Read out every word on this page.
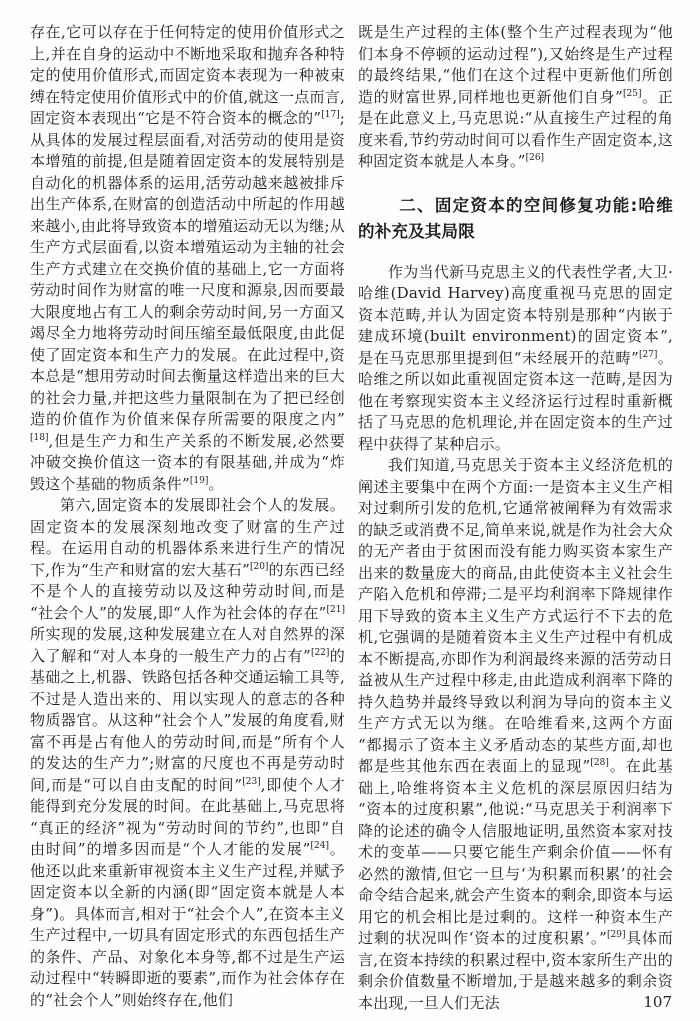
存在,它可以存在于任何特定的使用价值形式之上,并在自身的运动中不断地采取和抛弃各种特定的使用价值形式,而固定资本表现为一种被束缚在特定使用价值形式中的价值,就这一点而言,固定资本表现出“它是不符合资本的概念的”[17];从具体的发展过程层面看,对活劳动的使用是资本增殖的前提,但是随着固定资本的发展特别是自动化的机器体系的运用,活劳动越来越被排斥出生产体系,在财富的创造活动中所起的作用越来越小,由此将导致资本的增殖运动无以为继;从生产方式层面看,以资本增殖运动为主轴的社会生产方式建立在交换价值的基础上,它一方面将劳动时间作为财富的唯一尺度和源泉,因而要最大限度地占有工人的剩余劳动时间,另一方面又竭尽全力地将劳动时间压缩至最低限度,由此促使了固定资本和生产力的发展。在此过程中,资本总是“想用劳动时间去衡量这样造出来的巨大的社会力量,并把这些力量限制在为了把已经创造的价值作为价值来保存所需要的限度之内”[18],但是生产力和生产关系的不断发展,必然要冲破交换价值这一资本的有限基础,并成为“炸毁这个基础的物质条件”[19]。

第六,固定资本的发展即社会个人的发展。固定资本的发展深刻地改变了财富的生产过程。在运用自动的机器体系来进行生产的情况下,作为“生产和财富的宏大基石”[20]的东西已经不是个人的直接劳动以及这种劳动时间,而是“社会个人”的发展,即“人作为社会体的存在”[21]所实现的发展,这种发展建立在人对自然界的深入了解和“对人本身的一般生产力的占有”[22]的基础之上,机器、铁路包括各种交通运输工具等,不过是人造出来的、用以实现人的意志的各种物质器官。从这种“社会个人”发展的角度看,财富不再是占有他人的劳动时间,而是“所有个人的发达的生产力”;财富的尺度也不再是劳动时间,而是“可以自由支配的时间”[23],即使个人才能得到充分发展的时间。在此基础上,马克思将“真正的经济”视为“劳动时间的节约”,也即“自由时间”的增多因而是“个人才能的发展”[24]。他还以此来重新审视资本主义生产过程,并赋予固定资本以全新的内涵(即“固定资本就是人本身”)。具体而言,相对于“社会个人”,在资本主义生产过程中,一切具有固定形式的东西包括生产的条件、产品、对象化本身等,都不过是生产运动过程中“转瞬即逝的要素”,而作为社会体存在的“社会个人”则始终存在,他们

既是生产过程的主体(整个生产过程表现为“他们本身不停顿的运动过程”),又始终是生产过程的最终结果,“他们在这个过程中更新他们所创造的财富世界,同样地也更新他们自身”[25]。正是在此意义上,马克思说:“从直接生产过程的角度来看,节约劳动时间可以看作生产固定资本,这种固定资本就是人本身。”[26]

二、固定资本的空间修复功能:哈维的补充及其局限

作为当代新马克思主义的代表性学者,大卫·哈维(David Harvey)高度重视马克思的固定资本范畴,并认为固定资本特别是那种“内嵌于建成环境(built environment)的固定资本”,是在马克思那里提到但“未经展开的范畴”[27]。哈维之所以如此重视固定资本这一范畴,是因为他在考察现实资本主义经济运行过程时重新概括了马克思的危机理论,并在固定资本的生产过程中获得了某种启示。

我们知道,马克思关于资本主义经济危机的阐述主要集中在两个方面:一是资本主义生产相对过剩所引发的危机,它通常被阐释为有效需求的缺乏或消费不足,简单来说,就是作为社会大众的无产者由于贫困而没有能力购买资本家生产出来的数量庞大的商品,由此使资本主义社会生产陷入危机和停滞;二是平均利润率下降规律作用下导致的资本主义生产方式运行不下去的危机,它强调的是随着资本主义生产过程中有机成本不断提高,亦即作为利润最终来源的活劳动日益被从生产过程中移走,由此造成利润率下降的持久趋势并最终导致以利润为导向的资本主义生产方式无以为继。在哈维看来,这两个方面“都揭示了资本主义矛盾动态的某些方面,却也都是些其他东西在表面上的显现”[28]。在此基础上,哈维将资本主义危机的深层原因归结为“资本的过度积累”,他说:“马克思关于利润率下降的论述的确令人信服地证明,虽然资本家对技术的变革——只要它能生产剩余价值——怀有必然的激情,但它一旦与‘为积累而积累’的社会命令结合起来,就会产生资本的剩余,即资本与运用它的机会相比是过剩的。这样一种资本生产过剩的状况叫作‘资本的过度积累’。”[29]具体而言,在资本持续的积累过程中,资本家所生产出的剩余价值数量不断增加,于是越来越多的剩余资本出现,一旦人们无法	107
